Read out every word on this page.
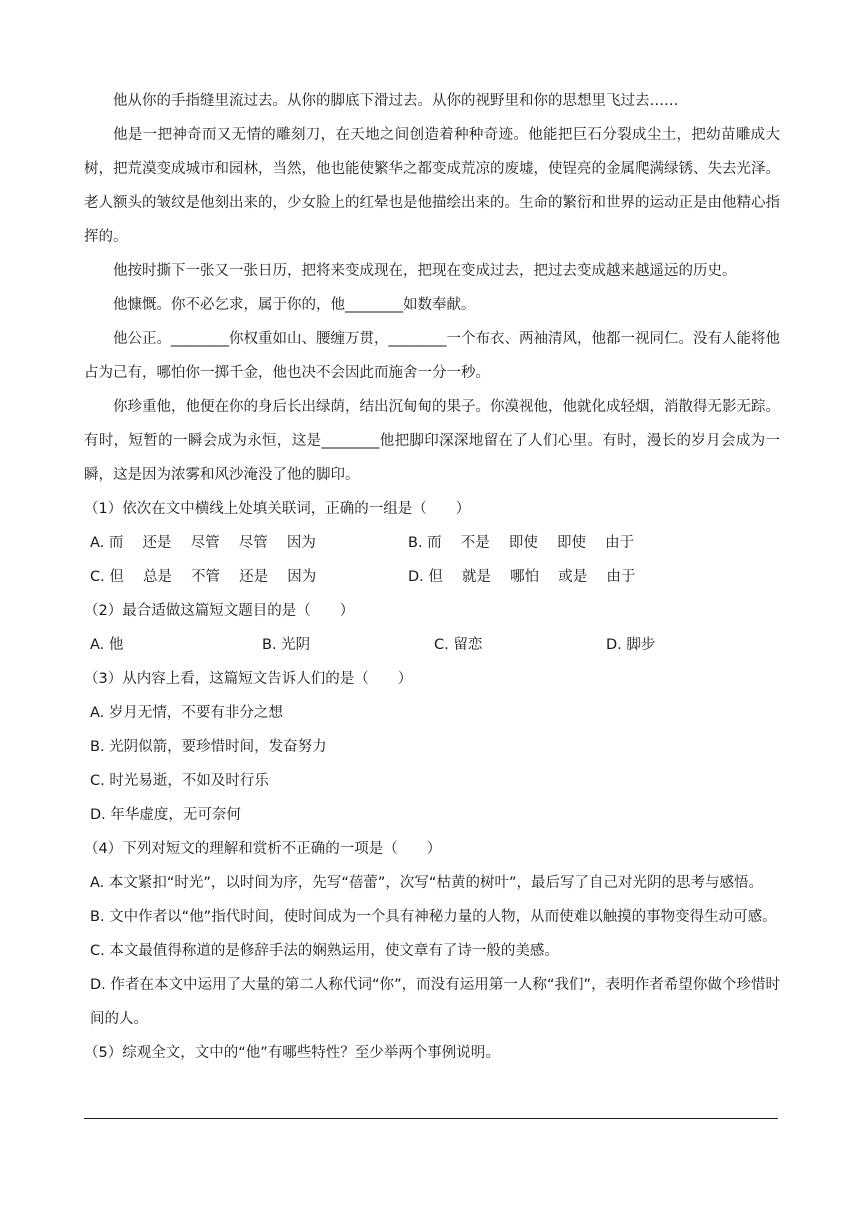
他从你的手指缝里流过去。从你的脚底下滑过去。从你的视野里和你的思想里飞过去……

他是一把神奇而又无情的雕刻刀，在天地之间创造着种种奇迹。他能把巨石分裂成尘土，把幼苗雕成大树，把荒漠变成城市和园林，当然，他也能使繁华之都变成荒凉的废墟，使锃亮的金属爬满绿锈、失去光泽。老人额头的皱纹是他刻出来的，少女脸上的红晕也是他描绘出来的。生命的繁衍和世界的运动正是由他精心指挥的。

他按时撕下一张又一张日历，把将来变成现在，把现在变成过去，把过去变成越来越遥远的历史。

他慷慨。你不必乞求，属于你的，他________如数奉献。

他公正。________你权重如山、腰缠万贯，________一个布衣、两袖清风，他都一视同仁。没有人能将他占为己有，哪怕你一掷千金，他也决不会因此而施舍一分一秒。

你珍重他，他便在你的身后长出绿荫，结出沉甸甸的果子。你漠视他，他就化成轻烟，消散得无影无踪。有时，短暂的一瞬会成为永恒，这是________他把脚印深深地留在了人们心里。有时，漫长的岁月会成为一瞬，这是因为浓雾和风沙淹没了他的脚印。

（1）依次在文中横线上处填关联词，正确的一组是（　　）

A. 而　 还是　 尽管　 尽管　 因为	B. 而　 不是　 即使　 即使　 由于
C. 但　 总是　 不管　 还是　 因为	D. 但　 就是　 哪怕　 或是　 由于

（2）最合适做这篇短文题目的是（　　）

A. 他	B. 光阴	C. 留恋	D. 脚步

（3）从内容上看，这篇短文告诉人们的是（　　）

A. 岁月无情，不要有非分之想

B. 光阴似箭，要珍惜时间，发奋努力

C. 时光易逝，不如及时行乐

D. 年华虚度，无可奈何

（4）下列对短文的理解和赏析不正确的一项是（　　）

A. 本文紧扣“时光”，以时间为序，先写“蓓蕾”，次写“枯黄的树叶”，最后写了自己对光阴的思考与感悟。

B. 文中作者以“他”指代时间，使时间成为一个具有神秘力量的人物，从而使难以触摸的事物变得生动可感。

C. 本文最值得称道的是修辞手法的娴熟运用，使文章有了诗一般的美感。

D. 作者在本文中运用了大量的第二人称代词“你”，而没有运用第一人称“我们”，表明作者希望你做个珍惜时间的人。

（5）综观全文，文中的“他”有哪些特性？至少举两个事例说明。
